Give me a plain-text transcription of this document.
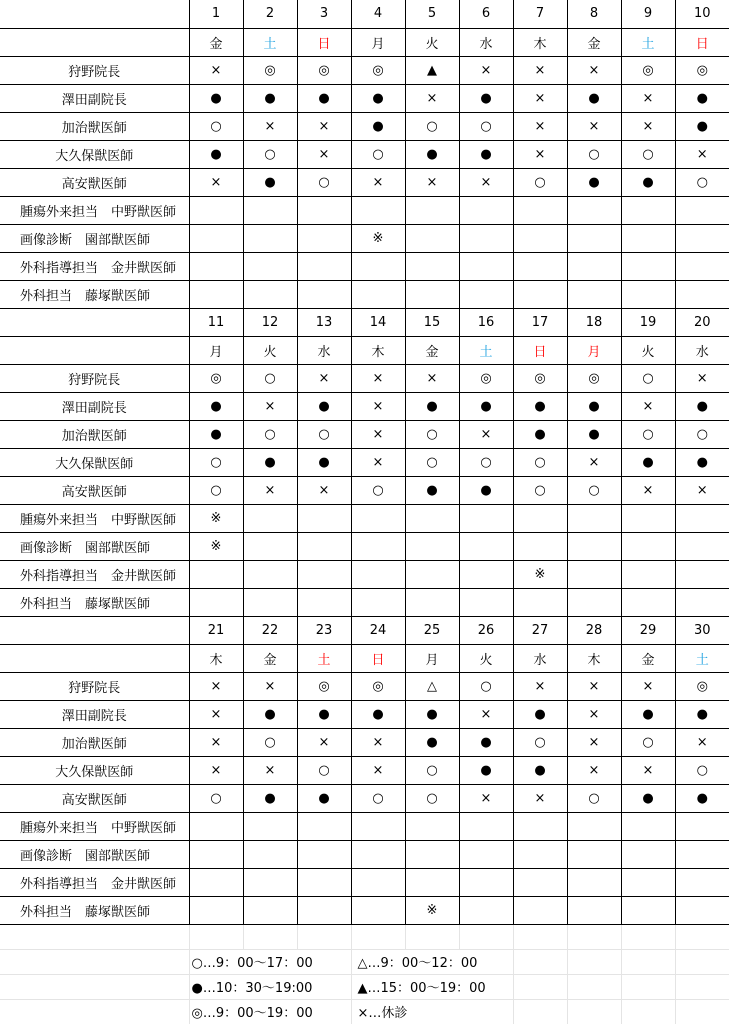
	1	2	3	4	5	6	7	8	9	10
	金	土	日	月	火	水	木	金	土	日
狩野院長	×	◎	◎	◎	▲	×	×	×	◎	◎
澤田副院長	●	●	●	●	×	●	×	●	×	●
加治獣医師	○	×	×	●	○	○	×	×	×	●
大久保獣医師	●	○	×	○	●	●	×	○	○	×
高安獣医師	×	●	○	×	×	×	○	●	●	○
腫瘍外来担当　中野獣医師										
画像診断　園部獣医師				※						
外科指導担当　金井獣医師										
外科担当　藤塚獣医師										
	11	12	13	14	15	16	17	18	19	20
	月	火	水	木	金	土	日	月	火	水
狩野院長	◎	○	×	×	×	◎	◎	◎	○	×
澤田副院長	●	×	●	×	●	●	●	●	×	●
加治獣医師	●	○	○	×	○	×	●	●	○	○
大久保獣医師	○	●	●	×	○	○	○	×	●	●
高安獣医師	○	×	×	○	●	●	○	○	×	×
腫瘍外来担当　中野獣医師	※									
画像診断　園部獣医師	※									
外科指導担当　金井獣医師							※			
外科担当　藤塚獣医師										
	21	22	23	24	25	26	27	28	29	30
	木	金	土	日	月	火	水	木	金	土
狩野院長	×	×	◎	◎	△	○	×	×	×	◎
澤田副院長	×	●	●	●	●	×	●	×	●	●
加治獣医師	×	○	×	×	●	●	○	×	○	×
大久保獣医師	×	×	○	×	○	●	●	×	×	○
高安獣医師	○	●	●	○	○	×	×	○	●	●
腫瘍外来担当　中野獣医師										
画像診断　園部獣医師										
外科指導担当　金井獣医師										
外科担当　藤塚獣医師					※					

	○…9：00～17：00			△…9：00～12：00						
	●…10：30～19:00			▲…15：00～19：00						
	◎…9：00～19：00			×…休診						
